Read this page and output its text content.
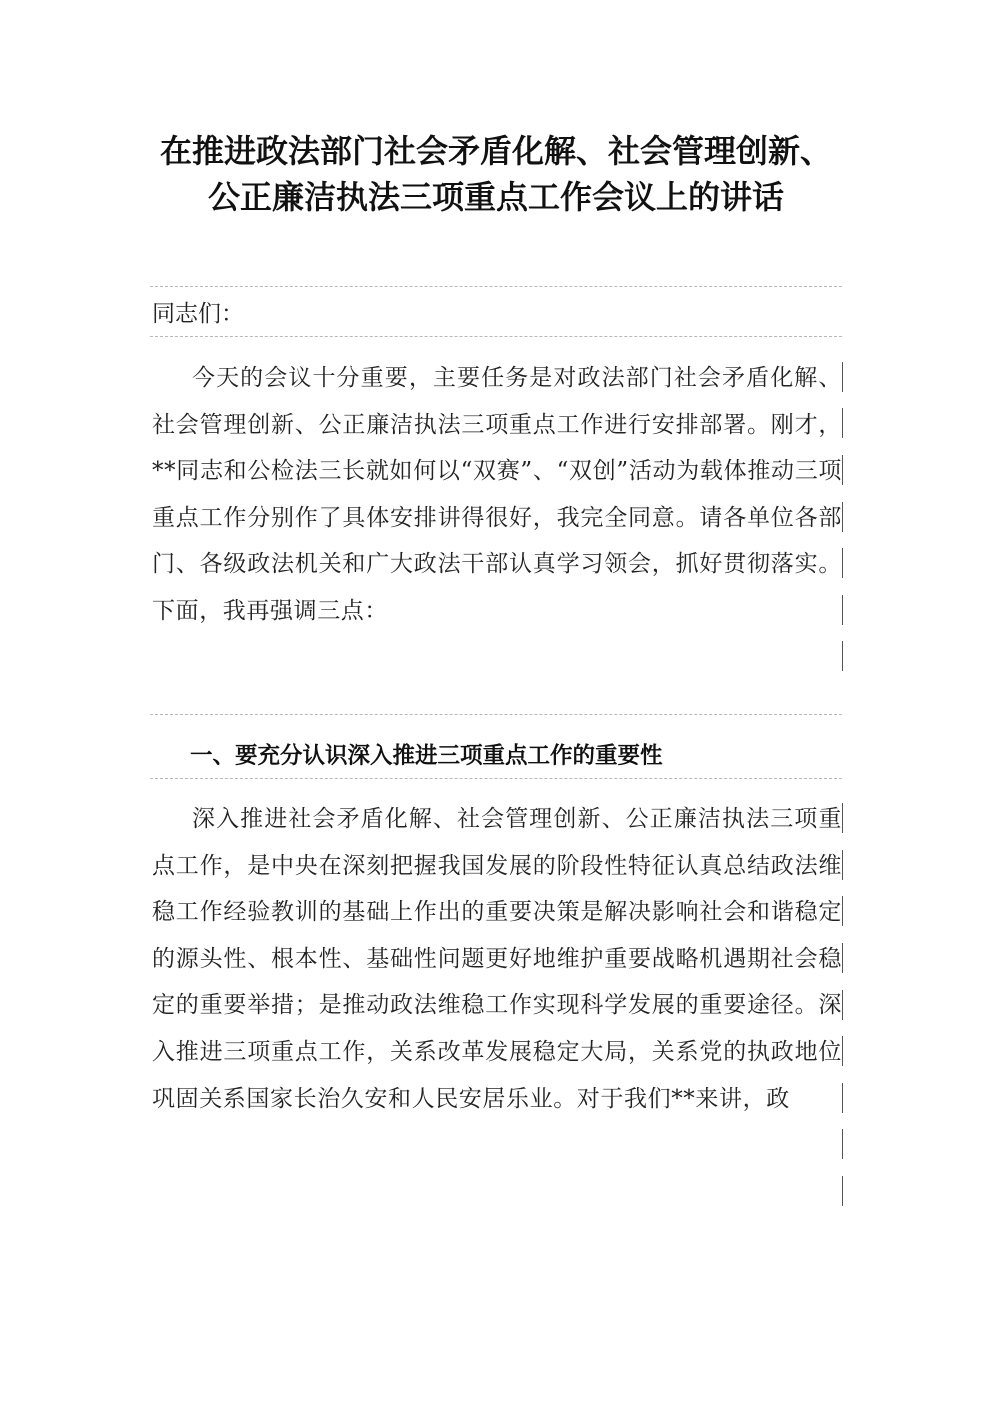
在推进政法部门社会矛盾化解、社会管理创新、公正廉洁执法三项重点工作会议上的讲话

同志们：

今天的会议十分重要，主要任务是对政法部门社会矛盾化解、社会管理创新、公正廉洁执法三项重点工作进行安排部署。刚才，**同志和公检法三长就如何以“双赛”、“双创”活动为载体推动三项重点工作分别作了具体安排讲得很好，我完全同意。请各单位各部门、各级政法机关和广大政法干部认真学习领会，抓好贯彻落实。下面，我再强调三点：

一、要充分认识深入推进三项重点工作的重要性

深入推进社会矛盾化解、社会管理创新、公正廉洁执法三项重点工作，是中央在深刻把握我国发展的阶段性特征认真总结政法维稳工作经验教训的基础上作出的重要决策是解决影响社会和谐稳定的源头性、根本性、基础性问题更好地维护重要战略机遇期社会稳定的重要举措；是推动政法维稳工作实现科学发展的重要途径。深入推进三项重点工作，关系改革发展稳定大局，关系党的执政地位巩固关系国家长治久安和人民安居乐业。对于我们**来讲，政
